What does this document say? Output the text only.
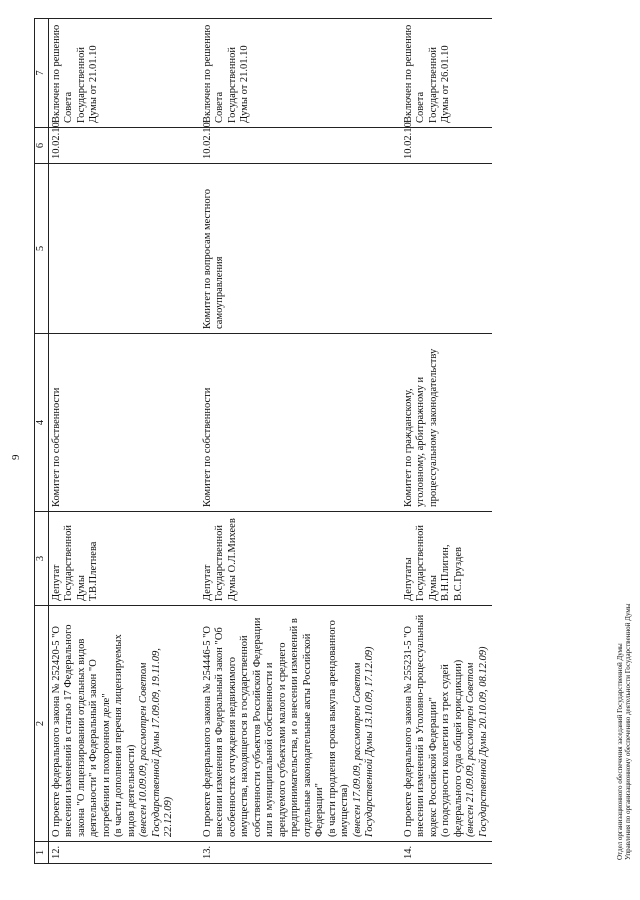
9
1	2	3	4	5	6	7
12.	О проекте федерального закона № 252420-5 "О внесении изменений в статью 17 Федерального закона "О лицензировании отдельных видов деятельности" и Федеральный закон "О погребении и похоронном деле" (в части дополнения перечня лицензируемых видов деятельности) (внесен 10.09.09, рассмотрен Советом Государственной Думы 17.09.09, 19.11.09, 22.12.09)	Депутат Государственной Думы Т.В.Плетнева	Комитет по собственности		10.02.10	Включен по решению Совета Государственной Думы от 21.01.10

13.	О проекте федерального закона № 254446-5 "О внесении изменения в Федеральный закон "Об особенностях отчуждения недвижимого имущества, находящегося в государственной собственности субъектов Российской Федерации или в муниципальной собственности и арендуемого субъектами малого и среднего предпринимательства, и о внесении изменений в отдельные законодательные акты Российской Федерации" (в части продления срока выкупа арендованного имущества) (внесен 17.09.09, рассмотрен Советом Государственной Думы 13.10.09, 17.12.09)	Депутат Государственной Думы О.Л.Михеев	Комитет по собственности	Комитет по вопросам местного самоуправления	10.02.10	Включен по решению Совета Государственной Думы от 21.01.10

14.	О проекте федерального закона № 255231-5 "О внесении изменений в Уголовно-процессуальный кодекс Российской Федерации" (о подсудности коллегии из трех судей федерального суда общей юрисдикции) (внесен 21.09.09, рассмотрен Советом Государственной Думы 20.10.09, 08.12.09)	Депутаты Государственной Думы В.Н.Плигин, В.С.Груздев	Комитет по гражданскому, уголовному, арбитражному и процессуальному законодательству		10.02.10	Включен по решению Совета Государственной Думы от 26.01.10
Отдел организационного обеспечения заседаний Государственной Думы Управления по организационному обеспечению деятельности Государственной Думы
